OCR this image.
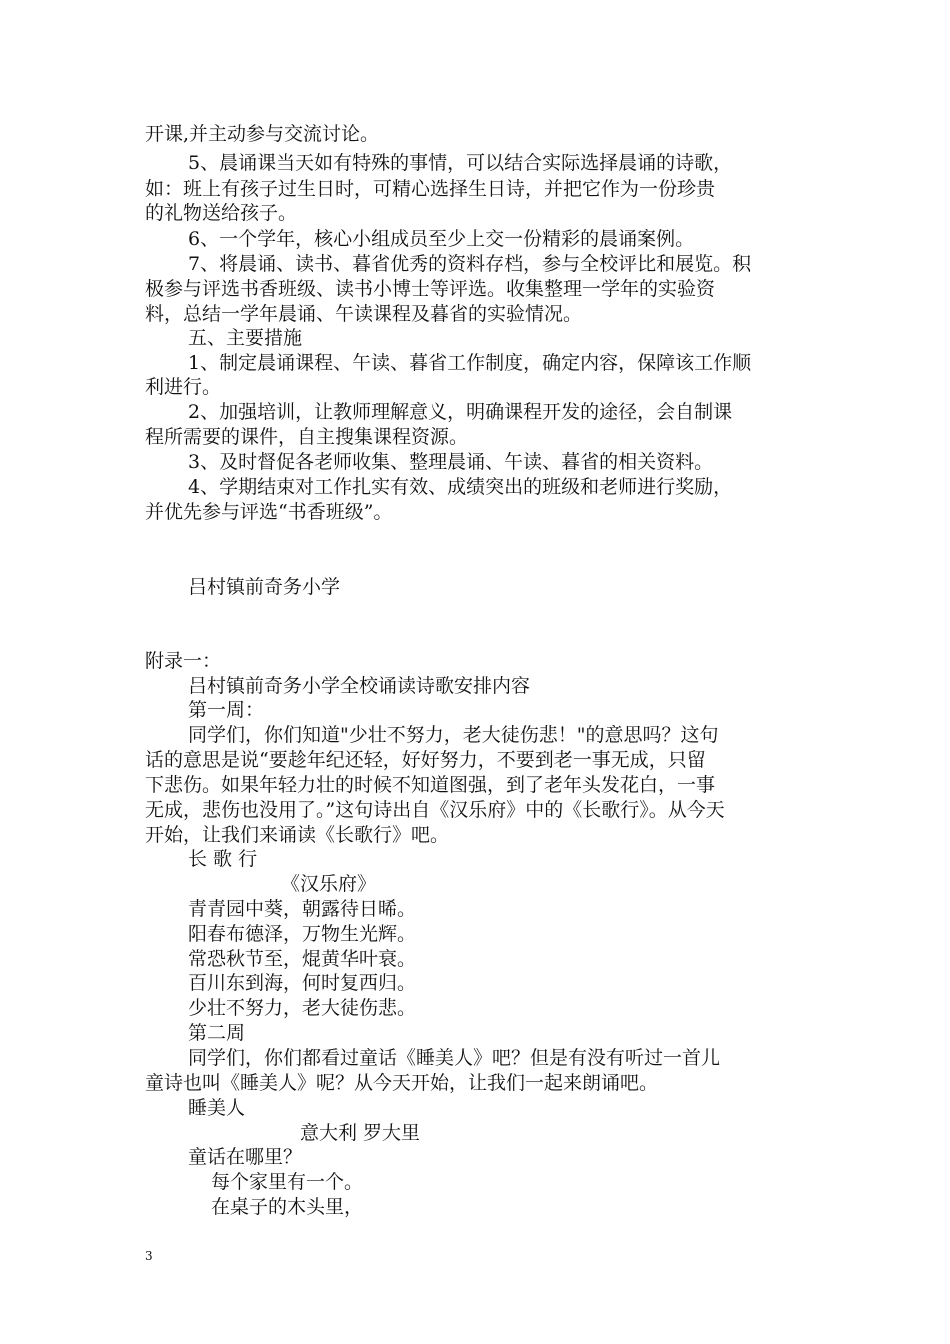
开课,并主动参与交流讨论。
5、晨诵课当天如有特殊的事情，可以结合实际选择晨诵的诗歌，
如：班上有孩子过生日时，可精心选择生日诗，并把它作为一份珍贵
的礼物送给孩子。
6、一个学年，核心小组成员至少上交一份精彩的晨诵案例。
7、将晨诵、读书、暮省优秀的资料存档，参与全校评比和展览。积
极参与评选书香班级、读书小博士等评选。收集整理一学年的实验资
料，总结一学年晨诵、午读课程及暮省的实验情况。
五、主要措施
1、制定晨诵课程、午读、暮省工作制度，确定内容，保障该工作顺
利进行。
2、加强培训，让教师理解意义，明确课程开发的途径，会自制课
程所需要的课件，自主搜集课程资源。
3、及时督促各老师收集、整理晨诵、午读、暮省的相关资料。
4、学期结束对工作扎实有效、成绩突出的班级和老师进行奖励，
并优先参与评选“书香班级”。
吕村镇前奇务小学
附录一：
吕村镇前奇务小学全校诵读诗歌安排内容
第一周：
同学们，你们知道"少壮不努力，老大徒伤悲！"的意思吗？这句
话的意思是说“要趁年纪还轻，好好努力，不要到老一事无成，只留
下悲伤。如果年轻力壮的时候不知道图强，到了老年头发花白，一事
无成，悲伤也没用了。”这句诗出自《汉乐府》中的《长歌行》。从今天
开始，让我们来诵读《长歌行》吧。
长 歌 行
《汉乐府》
青青园中葵，朝露待日晞。
阳春布德泽，万物生光辉。
常恐秋节至，焜黄华叶衰。
百川东到海，何时复西归。
少壮不努力，老大徒伤悲。
第二周
同学们，你们都看过童话《睡美人》吧？但是有没有听过一首儿
童诗也叫《睡美人》呢？从今天开始，让我们一起来朗诵吧。
睡美人
意大利 罗大里
童话在哪里？
每个家里有一个。
在桌子的木头里，
3
